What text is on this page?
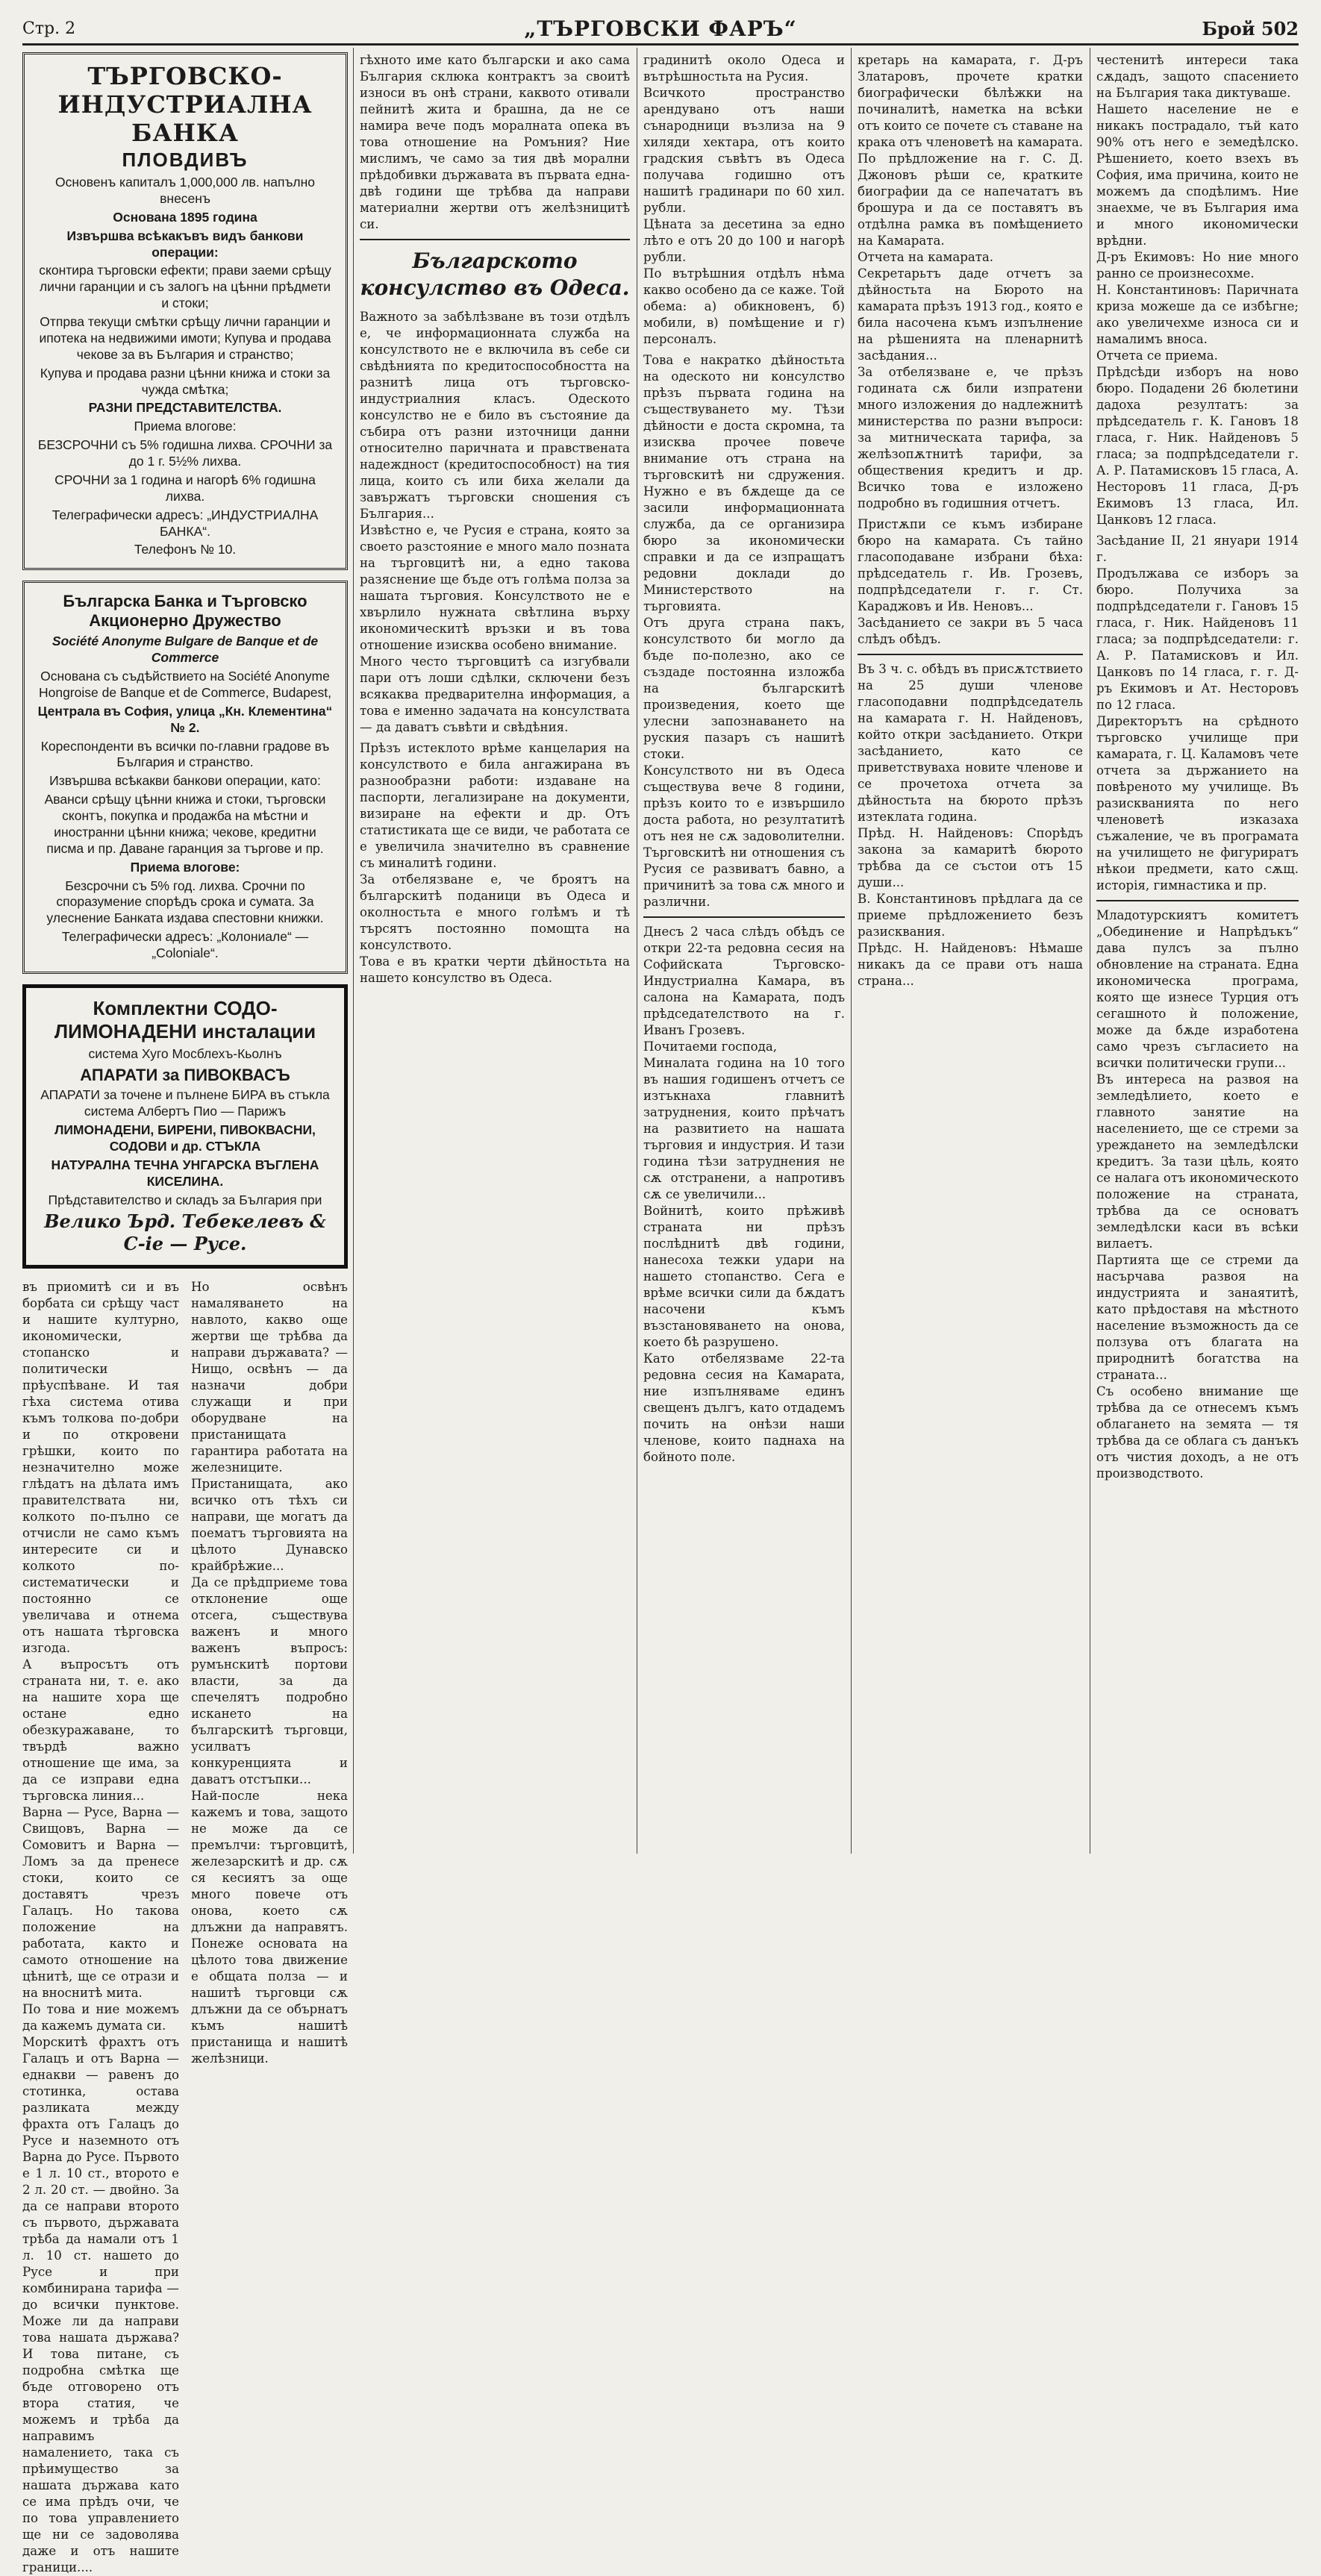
Стр. 2	„ТЪРГОВСКИ ФАРЪ“	Брой 502
ТЪРГОВСКО-ИНДУСТРИАЛНА БАНКА
ПЛОВДИВЪ

Основенъ капиталъ 1,000,000 лв. напълно внесенъ

Основана 1895 година

Извършва всѣкакъвъ видъ банкови операции:

сконтира търговски ефекти; прави заеми срѣщу лични гаранции и съ залогъ на цѣнни прѣдмети и стоки;

Отпрва текущи смѣтки срѣщу лични гаранции и ипотека на недвижими имоти; Купува и продава чекове за въ България и странство;

Купува и продава разни цѣнни книжа и стоки за чужда смѣтка;

РАЗНИ ПРЕДСТАВИТЕЛСТВА.

Приема влогове:

БЕЗСРОЧНИ съ 5% годишна лихва. СРОЧНИ за до 1 г. 5½% лихва.

СРОЧНИ за 1 година и нагорѣ 6% годишна лихва.

Телеграфически адресъ: „ИНДУСТРИАЛНА БАНКА“.

Телефонъ № 10.

Българска Банка и Търговско Акционерно Дружество

Société Anonyme Bulgare de Banque et de Commerce

Основана съ съдѣйствието на Société Anonyme Hongroise de Banque et de Commerce, Budapest,

Централа въ София, улица „Кн. Клементина“ № 2.

Кореспонденти въ всички по-главни градове въ България и странство.

Извършва всѣкакви банкови операции, като:

Аванси срѣщу цѣнни книжа и стоки, търговски сконтъ, покупка и продажба на мѣстни и иностранни цѣнни книжа; чекове, кредитни писма и пр. Даване гаранция за търгове и пр.

Приема влогове:

Безсрочни съ 5% год. лихва. Срочни по споразумение спорѣдъ срока и сумата. За улеснение Банката издава спестовни книжки.

Телеграфически адресъ: „Колониале“ — „Coloniale“.

Комплектни СОДО-ЛИМОНАДЕНИ инсталации

система Хуго Мосблехъ-Кьолнъ

АПАРАТИ за ПИВОКВАСЪ

АПАРАТИ за точене и пълнене БИРА въ стъкла система Албертъ Пио — Парижъ

ЛИМОНАДЕНИ, БИРЕНИ, ПИВОКВАСНИ, СОДОВИ и др. СТЪКЛА

НАТУРАЛНА ТЕЧНА УНГАРСКА ВЪГЛЕНА КИСЕЛИНА.

Прѣдставителство и складъ за България при

Велико Ърд. Тебекелевъ & С-ie — Русе.

въ приомитѣ си и въ борбата си срѣщу част и нашите културно, икономически, стопанско и политически прѣуспѣване. И тая гѣха система отива къмъ толкова по-добри и по откровени грѣшки, които по незначително може глѣдатъ на дѣлата имъ правителствата ни, колкото по-пълно се отчисли не само къмъ интересите си и колкото по-систематически и постоянно се увеличава и отнема отъ нашата тѣрговска изгода.
А въпросътъ отъ страната ни, т. е. ако на нашите хора ще остане едно обезкуражаване, то твърдѣ важно отношение ще има, за да се изправи една търговска линия...
Варна — Русе, Варна — Свищовъ, Варна — Сомовитъ и Варна — Ломъ за да пренесе стоки, които се доставятъ чрезъ Галацъ. Но такова положение на работата, както и самото отношение на цѣнитѣ, ще се отрази и на вноснитѣ мита.
По това и ние можемъ да кажемъ думата си.
Морскитѣ фрахтъ отъ Галацъ и отъ Варна — еднакви — равенъ до стотинка, остава разликата между фрахта отъ Галацъ до Русе и наземното отъ Варна до Русе. Първото е 1 л. 10 ст., второто е 2 л. 20 ст. — двойно. За да се направи второто съ първото, държавата трѣба да намали отъ 1 л. 10 ст. нашето до Русе и при комбинирана тарифа — до всички пунктове. Може ли да направи това нашата държава? И това питане, съ подробна смѣтка ще бъде отговорено отъ втора статия, че можемъ и трѣба да направимъ намалението, така съ прѣимущество за нашата държава като се има прѣдъ очи, че по това управлението ще ни се задоволява даже и отъ нашите граници....
Но освѣнъ намаляването на навлото, какво още жертви ще трѣбва да направи държавата? — Нищо, освѣнъ — да назначи добри служащи и при оборудване на пристанищата гарантира работата на железниците. Пристанищата, ако всичко отъ тѣхъ си направи, ще могатъ да поематъ търговията на цѣлото Дунавско крайбрѣжие...
Да се прѣдприеме това отклонение още отсега, съществува важенъ и много важенъ въпросъ: румънскитѣ портови власти, за да спечелятъ подробно искането на българскитѣ търговци, усилватъ конкуренцията и даватъ отстъпки...
Най-после нека кажемъ и това, защото не може да се премълчи: търговцитѣ, железарскитѣ и др. сѫ ся кесиятъ за още много повече отъ онова, което сѫ длъжни да направятъ. Понеже основата на цѣлото това движение е общата полза — и нашитѣ търговци сѫ длъжни да се обърнатъ къмъ нашитѣ пристанища и нашитѣ желѣзници.
гѣхното име като български и ако сама България склюка контрактъ за своитѣ износи въ онѣ страни, каквото отивали пейнитѣ жита и брашна, да не се намира вече подъ моралната опека въ това отношение на Ромъния? Ние мислимъ, че само за тия двѣ морални прѣдобивки държавата въ първата една-двѣ години ще трѣбва да направи материални жертви отъ желѣзницитѣ си.
Българското консулство въ Одеса.
Важното за забѣлѣзване въ този отдѣлъ е, че информационната служба на консулството не е включила въ себе си свѣдѣнията по кредитоспособността на разнитѣ лица отъ търговско-индустриалния класъ. Одеското консулство не е било въ състояние да събира отъ разни източници данни относително паричната и правствената надеждност (кредитоспособност) на тия лица, които съ или биха желали да завържатъ търговски сношения съ България...
Извѣстно е, че Русия е страна, която за своето разстояние е много мало позната на търговцитѣ ни, а едно такова разяснение ще бъде отъ голѣма полза за нашата търговия. Консулството не е хвърлило нужната свѣтлина върху икономическитѣ връзки и въ това отношение изисква особено внимание.
Много често търговцитѣ са изгубвали пари отъ лоши сдѣлки, сключени безъ всякаква предварителна информация, а това е именно задачата на консулствата — да даватъ съвѣти и свѣдѣния.
Прѣзъ истеклото врѣме канцелария на консулството е била ангажирана въ разнообразни работи: издаване на паспорти, легализиране на документи, визиране на ефекти и др. Отъ статистиката ще се види, че работата се е увеличила значително въ сравнение съ миналитѣ години.
За отбелязване е, че броятъ на българскитѣ поданици въ Одеса и околностьта е много голѣмъ и тѣ търсятъ постоянно помощта на консулството.
Това е въ кратки черти дѣйностьта на нашето консулство въ Одеса.
градинитѣ около Одеса и вътрѣшностьта на Русия.
Всичкото пространство арендувано отъ наши сънародници възлиза на 9 хиляди хектара, отъ които градския съвѣтъ въ Одеса получава годишно отъ нашитѣ градинари по 60 хил. рубли.
Цѣната за десетина за едно лѣто е отъ 20 до 100 и нагорѣ рубли.
По вътрѣшния отдѣлъ нѣма какво особено да се каже. Той обема: а) обикновенъ, б) мобили, в) помѣщение и г) персоналъ.
Това е накратко дѣйностьта на одеското ни консулство прѣзъ първата година на съществуването му. Тѣзи дѣйности е доста скромна, та изисква прочее повече внимание отъ страна на търговскитѣ ни сдружения. Нужно е въ бѫдеще да се засили информационната служба, да се организира бюро за икономически справки и да се изпращатъ редовни доклади до Министерството на търговията.
Отъ друга страна пакъ, консулството би могло да бъде по-полезно, ако се създаде постоянна изложба на българскитѣ произведения, което ще улесни запознаването на руския пазаръ съ нашитѣ стоки.
Консулството ни въ Одеса съществува вече 8 години, прѣзъ които то е извършило доста работа, но резултатитѣ отъ нея не сѫ задоволителни. Търговскитѣ ни отношения съ Русия се развиватъ бавно, а причинитѣ за това сѫ много и различни.
Днесъ 2 часа слѣдъ обѣдъ се откри 22-та редовна сесия на Софийската Търговско-Индустриална Камара, въ салона на Камарата, подъ прѣдседателството на г. Иванъ Грозевъ.
Почитаеми господа,
Миналата година на 10 того въ нашия годишенъ отчетъ се изтъкнаха главнитѣ затруднения, които прѣчатъ на развитието на нашата търговия и индустрия. И тази година тѣзи затруднения не сѫ отстранени, а напротивъ сѫ се увеличили...
Войнитѣ, които прѣживѣ страната ни прѣзъ послѣднитѣ двѣ години, нанесоха тежки удари на нашето стопанство. Сега е врѣме всички сили да бѫдатъ насочени къмъ възстановяването на онова, което бѣ разрушено.
Като отбелязваме 22-та редовна сесия на Камарата, ние изпълняваме единъ свещенъ дългъ, като отдадемъ почить на онѣзи наши членове, които паднаха на бойното поле.
кретарь на камарата, г. Д-ръ Златаровъ, прочете кратки биографически бѣлѣжки на починалитѣ, наметка на всѣки отъ които се почете съ ставане на крака отъ членоветѣ на камарата. По прѣдложение на г. С. Д. Джоновъ рѣши се, кратките биографии да се напечататъ въ брошура и да се поставятъ въ отдѣлна рамка въ помѣщението на Камарата.
Отчета на камарата.
Секретарьтъ даде отчетъ за дѣйностьта на Бюрото на камарата прѣзъ 1913 год., която е била насочена къмъ изпълнение на рѣшенията на пленарнитѣ засѣдания...
За отбелязване е, че прѣзъ годината сѫ били изпратени много изложения до надлежнитѣ министерства по разни въпроси: за митническата тарифа, за желѣзопѫтнитѣ тарифи, за обществения кредитъ и др. Всичко това е изложено подробно въ годишния отчетъ.
Пристѫпи се къмъ избиране бюро на камарата. Съ тайно гласоподаване избрани бѣха: прѣдседатель г. Ив. Грозевъ, подпрѣдседатели г. г. Ст. Караджовъ и Ив. Неновъ...
Засѣданието се закри въ 5 часа слѣдъ обѣдъ.
Въ 3 ч. с. обѣдъ въ присѫтствието на 25 души членове гласоподавни подпрѣдседатель на камарата г. Н. Найденовъ, който откри засѣданието. Откри засѣданието, като се приветствуваха новите членове и се прочетоха отчета за дѣйностьта на бюрото прѣзъ изтеклата година.
Прѣд. Н. Найденовъ: Спорѣдъ закона за камаритѣ бюрото трѣбва да се състои отъ 15 души...
В. Константиновъ прѣдлага да се приеме прѣдложението безъ разисквания.
Прѣдс. Н. Найденовъ: Нѣмаше никакъ да се прави отъ наша страна...
честенитѣ интереси така сѫдадъ, защото спасението на България така диктуваше.
Нашето население не е никакъ пострадало, тъй като 90% отъ него е земедѣлско. Рѣшението, което взехъ въ София, има причина, които не можемъ да сподѣлимъ. Ние знаехме, че въ България има и много икономически врѣдни.
Д-ръ Екимовъ: Но ние много ранно се произнесохме.
Н. Константиновъ: Паричната криза можеше да се избѣгне; ако увеличехме износа си и намалимъ вноса.
Отчета се приема.
Прѣдсѣди изборъ на ново бюро. Подадени 26 бюлетини дадоха резултатъ: за прѣдседатель г. К. Гановъ 18 гласа, г. Ник. Найденовъ 5 гласа; за подпрѣдседатели г. А. Р. Патамисковъ 15 гласа, А. Несторовъ 11 гласа, Д-ръ Екимовъ 13 гласа, Ил. Цанковъ 12 гласа.
Засѣдание II, 21 януари 1914 г.
Продължава се изборъ за бюро. Получиха за подпрѣдседатели г. Гановъ 15 гласа, г. Ник. Найденовъ 11 гласа; за подпрѣдседатели: г. А. Р. Патамисковъ и Ил. Цанковъ по 14 гласа, г. г. Д-ръ Екимовъ и Ат. Несторовъ по 12 гласа.
Директорътъ на срѣдното търговско училище при камарата, г. Ц. Каламовъ чете отчета за държанието на повѣреното му училище. Въ разискванията по него членоветѣ изказаха съжаление, че въ програмата на училището не фигуриратъ нѣкои предмети, като сѫщ. исторія, гимнастика и пр.
Младотурскиятъ комитетъ „Обединение и Напрѣдъкъ“ дава пулсъ за пълно обновление на страната. Една икономическа програма, която ще изнесе Турция отъ сегашното ѝ положение, може да бѫде изработена само чрезъ съгласието на всички политически групи...
Въ интереса на развоя на земледѣлието, което е главното занятие на населението, ще се стреми за уреждането на земледѣлски кредитъ. За тази цѣль, която се налага отъ икономическото положение на страната, трѣбва да се основатъ земледѣлски каси въ всѣки вилаетъ.
Партията ще се стреми да насърчава развоя на индустрията и занаятитѣ, като прѣдоставя на мѣстното население възможность да се ползува отъ благата на природнитѣ богатства на страната...
Съ особено внимание ще трѣбва да се отнесемъ къмъ облагането на земята — тя трѣбва да се облага съ данъкъ отъ чистия доходъ, а не отъ производството.
